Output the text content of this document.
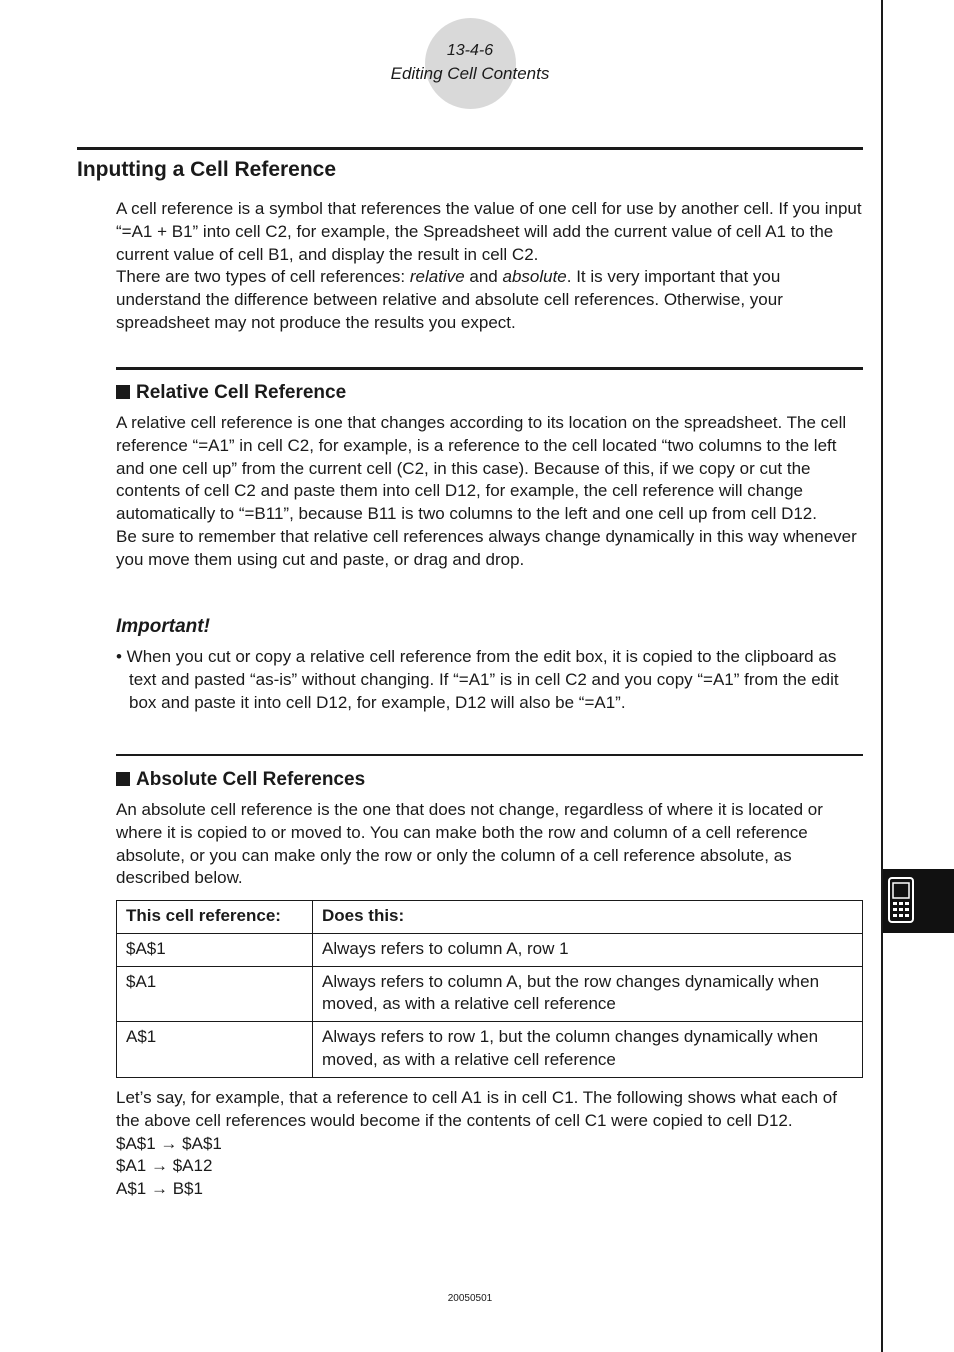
13-4-6
Editing Cell Contents
Inputting a Cell Reference

A cell reference is a symbol that references the value of one cell for use by another cell. If you input “=A1 + B1” into cell C2, for example, the Spreadsheet will add the current value of cell A1 to the current value of cell B1, and display the result in cell C2.

There are two types of cell references: relative and absolute. It is very important that you understand the difference between relative and absolute cell references. Otherwise, your spreadsheet may not produce the results you expect.

Relative Cell Reference

A relative cell reference is one that changes according to its location on the spreadsheet. The cell reference “=A1” in cell C2, for example, is a reference to the cell located “two columns to the left and one cell up” from the current cell (C2, in this case). Because of this, if we copy or cut the contents of cell C2 and paste them into cell D12, for example, the cell reference will change automatically to “=B11”, because B11 is two columns to the left and one cell up from cell D12.

Be sure to remember that relative cell references always change dynamically in this way whenever you move them using cut and paste, or drag and drop.

Important!

• When you cut or copy a relative cell reference from the edit box, it is copied to the clipboard as text and pasted “as-is” without changing. If “=A1” is in cell C2 and you copy “=A1” from the edit box and paste it into cell D12, for example, D12 will also be “=A1”.

Absolute Cell References

An absolute cell reference is the one that does not change, regardless of where it is located or where it is copied to or moved to. You can make both the row and column of a cell reference absolute, or you can make only the row or only the column of a cell reference absolute, as described below.

This cell reference:	Does this:
$A$1	Always refers to column A, row 1
$A1	Always refers to column A, but the row changes dynamically when moved, as with a relative cell reference
A$1	Always refers to row 1, but the column changes dynamically when moved, as with a relative cell reference

Let’s say, for example, that a reference to cell A1 is in cell C1. The following shows what each of the above cell references would become if the contents of cell C1 were copied to cell D12.

$A$1 → $A$1

$A1 → $A12

A$1 → B$1

20050501
